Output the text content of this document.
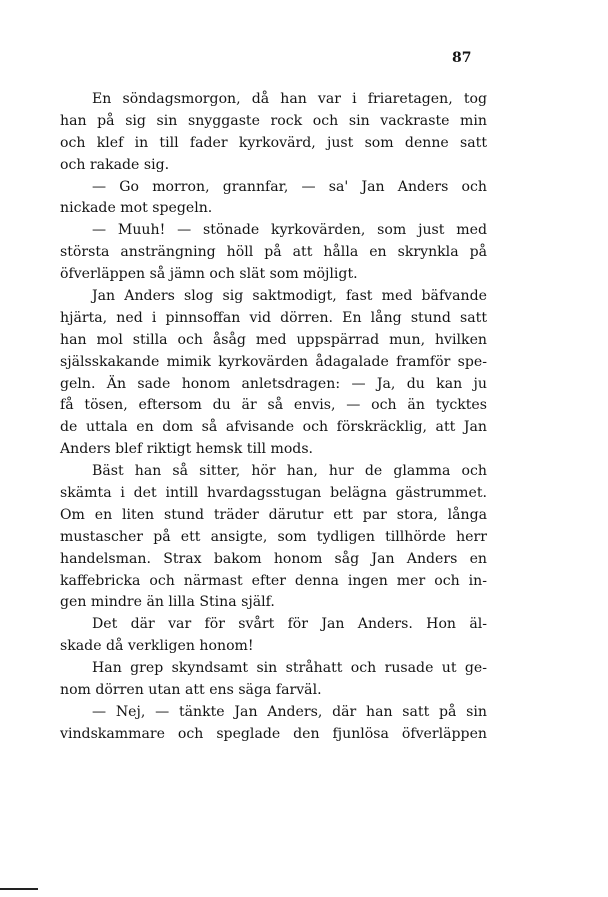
87
En söndagsmorgon, då han var i friaretagen, tog
han på sig sin snyggaste rock och sin vackraste min
och klef in till fader kyrkovärd, just som denne satt
och rakade sig.
— Go morron, grannfar, — sa' Jan Anders och
nickade mot spegeln.
— Muuh! — stönade kyrkovärden, som just med
största ansträngning höll på att hålla en skrynkla på
öfverläppen så jämn och slät som möjligt.
Jan Anders slog sig saktmodigt, fast med bäfvande
hjärta, ned i pinnsoffan vid dörren. En lång stund satt
han mol stilla och åsåg med uppspärrad mun, hvilken
själsskakande mimik kyrkovärden ådagalade framför spe-
geln. Än sade honom anletsdragen: — Ja, du kan ju
få tösen, eftersom du är så envis, — och än tycktes
de uttala en dom så afvisande och förskräcklig, att Jan
Anders blef riktigt hemsk till mods.
Bäst han så sitter, hör han, hur de glamma och
skämta i det intill hvardagsstugan belägna gästrummet.
Om en liten stund träder därutur ett par stora, långa
mustascher på ett ansigte, som tydligen tillhörde herr
handelsman. Strax bakom honom såg Jan Anders en
kaffebricka och närmast efter denna ingen mer och in-
gen mindre än lilla Stina själf.
Det där var för svårt för Jan Anders. Hon äl-
skade då verkligen honom!
Han grep skyndsamt sin stråhatt och rusade ut ge-
nom dörren utan att ens säga farväl.
— Nej, — tänkte Jan Anders, där han satt på sin
vindskammare och speglade den fjunlösa öfverläppen
